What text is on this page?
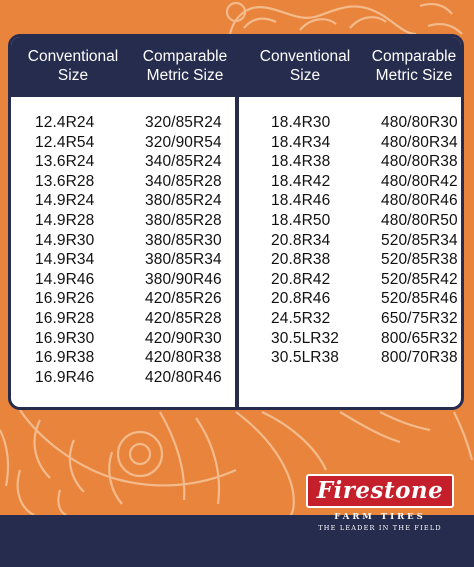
Conventional
Size
Comparable
Metric Size
Conventional
Size
Comparable
Metric Size
12.4R24
12.4R54
13.6R24
13.6R28
14.9R24
14.9R28
14.9R30
14.9R34
14.9R46
16.9R26
16.9R28
16.9R30
16.9R38
16.9R46
320/85R24
320/90R54
340/85R24
340/85R28
380/85R24
380/85R28
380/85R30
380/85R34
380/90R46
420/85R26
420/85R28
420/90R30
420/80R38
420/80R46
18.4R30
18.4R34
18.4R38
18.4R42
18.4R46
18.4R50
20.8R34
20.8R38
20.8R42
20.8R46
24.5R32
30.5LR32
30.5LR38
480/80R30
480/80R34
480/80R38
480/80R42
480/80R46
480/80R50
520/85R34
520/85R38
520/85R42
520/85R46
650/75R32
800/65R32
800/70R38
Firestone
FARM TIRES
THE LEADER IN THE FIELD
